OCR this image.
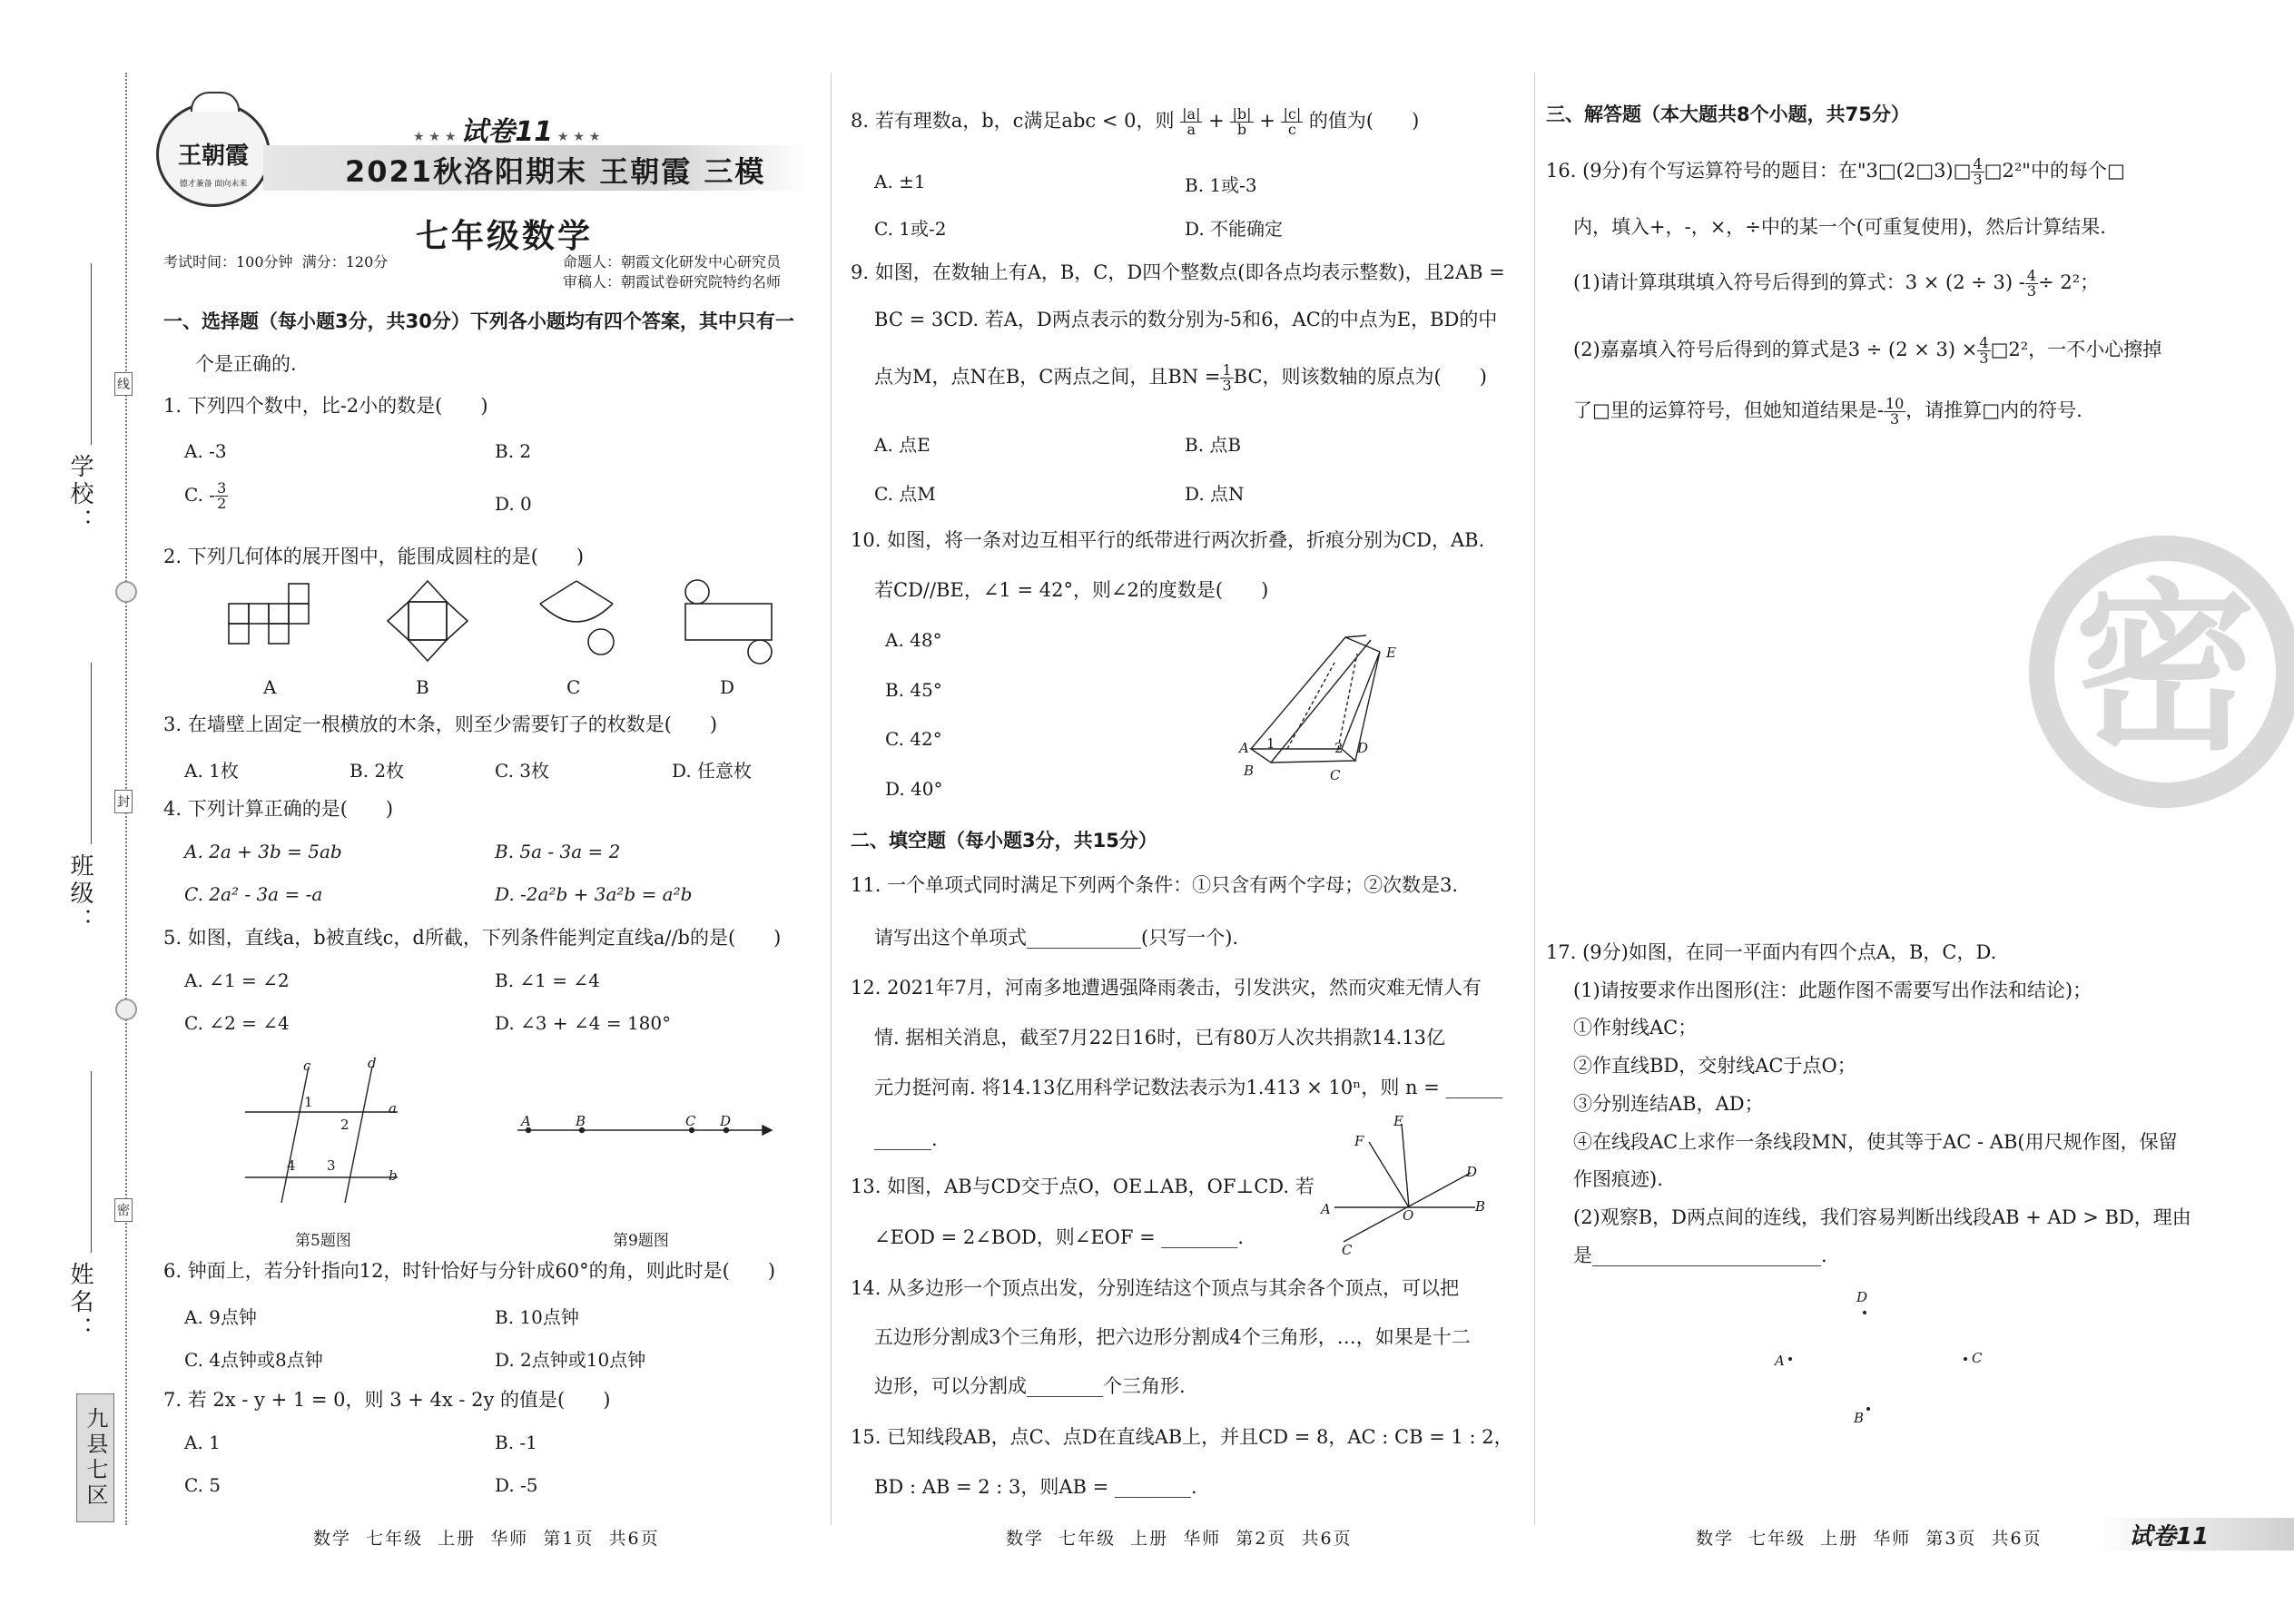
学校：
班级：
姓名：
线
封
密
九县七区
王朝霞
德才兼备 面向未来
★ ★ ★ 试卷11 ★ ★ ★
2021秋洛阳期末 王朝霞 三模
七年级数学
考试时间：100分钟  满分：120分	命题人：朝霞文化研发中心研究员
审稿人：朝霞试卷研究院特约名师
一、选择题（每小题3分，共30分）下列各小题均有四个答案，其中只有一
个是正确的.
1. 下列四个数中，比-2小的数是(　　)
A. -3	B. 2
C. - $\frac{3}{2}$	D. 0
2. 下列几何体的展开图中，能围成圆柱的是(　　)
A	B	C	D
3. 在墙壁上固定一根横放的木条，则至少需要钉子的枚数是(　　)
A. 1枚	B. 2枚	C. 3枚	D. 任意枚
4. 下列计算正确的是(　　)
A. 2a + 3b = 5ab	B. 5a - 3a = 2
C. 2a² - 3a = -a	D. -2a²b + 3a²b = a²b
5. 如图，直线a，b被直线c，d所截，下列条件能判定直线a//b的是(　　)
A. ∠1 = ∠2	B. ∠1 = ∠4
C. ∠2 = ∠4	D. ∠3 + ∠4 = 180°
c	d
a
b
1
2
4 3
第5题图
A	B	C D
第9题图
6. 钟面上，若分针指向12，时针恰好与分针成60°的角，则此时是(　　)
A. 9点钟	B. 10点钟
C. 4点钟或8点钟	D. 2点钟或10点钟
7. 若 2x - y + 1 = 0，则 3 + 4x - 2y 的值是(　　)
A. 1	B. -1
C. 5	D. -5
数学  七年级  上册  华师  第1页  共6页
8. 若有理数a，b，c满足abc < 0，则 $\frac{|a|}{a} + \frac{|b|}{b} + \frac{|c|}{c}$ 的值为(　　)
A. ±1	B. 1或-3
C. 1或-2	D. 不能确定
9. 如图，在数轴上有A，B，C，D四个整数点(即各点均表示整数)，且2AB =
BC = 3CD. 若A，D两点表示的数分别为-5和6，AC的中点为E，BD的中
点为M，点N在B，C两点之间，且BN = $\frac{1}{3}$ BC，则该数轴的原点为(　　)
A. 点E	B. 点B
C. 点M	D. 点N
10. 如图，将一条对边互相平行的纸带进行两次折叠，折痕分别为CD，AB.
若CD//BE，∠1 = 42°，则∠2的度数是(　　)
A. 48°
B. 45°
C. 42°
D. 40°
E
A 1	2 D
B	C
二、填空题（每小题3分，共15分）
11. 一个单项式同时满足下列两个条件：①只含有两个字母；②次数是3.
请写出这个单项式____________(只写一个).
12. 2021年7月，河南多地遭遇强降雨袭击，引发洪灾，然而灾难无情人有
情. 据相关消息，截至7月22日16时，已有80万人次共捐款14.13亿
元力挺河南. 将14.13亿用科学记数法表示为1.413 × 10ⁿ，则 n = ______
______.
13. 如图，AB与CD交于点O，OE⊥AB，OF⊥CD. 若
∠EOD = 2∠BOD，则∠EOF = ________.
F
E
D
A	O
B
C
14. 从多边形一个顶点出发，分别连结这个顶点与其余各个顶点，可以把
五边形分割成3个三角形，把六边形分割成4个三角形，…，如果是十二
边形，可以分割成________个三角形.
15. 已知线段AB，点C、点D在直线AB上，并且CD = 8，AC : CB = 1 : 2，
BD : AB = 2 : 3，则AB = ________.
数学  七年级  上册  华师  第2页  共6页
密
三、解答题（本大题共8个小题，共75分）
16. (9分)有个写运算符号的题目：在"3□(2□3)□ $\frac{4}{3}$ □2²"中的每个□
内，填入+，-，×，÷中的某一个(可重复使用)，然后计算结果.
(1)请计算琪琪填入符号后得到的算式：$3 \times (2 \div 3) - \frac{4}{3} \div 2^2$；
(2)嘉嘉填入符号后得到的算式是$3 \div (2 \times 3) \times \frac{4}{3}$ □2²，一不小心擦掉
了□里的运算符号，但她知道结果是- $\frac{10}{3}$ ，请推算□内的符号.
17. (9分)如图，在同一平面内有四个点A，B，C，D.
(1)请按要求作出图形(注：此题作图不需要写出作法和结论)；
①作射线AC；
②作直线BD，交射线AC于点O；
③分别连结AB，AD；
④在线段AC上求作一条线段MN，使其等于AC - AB(用尺规作图，保留
作图痕迹).
(2)观察B，D两点间的连线，我们容易判断出线段AB + AD > BD，理由
是________________________.
D
A	C
B
数学  七年级  上册  华师  第3页  共6页	试卷11
